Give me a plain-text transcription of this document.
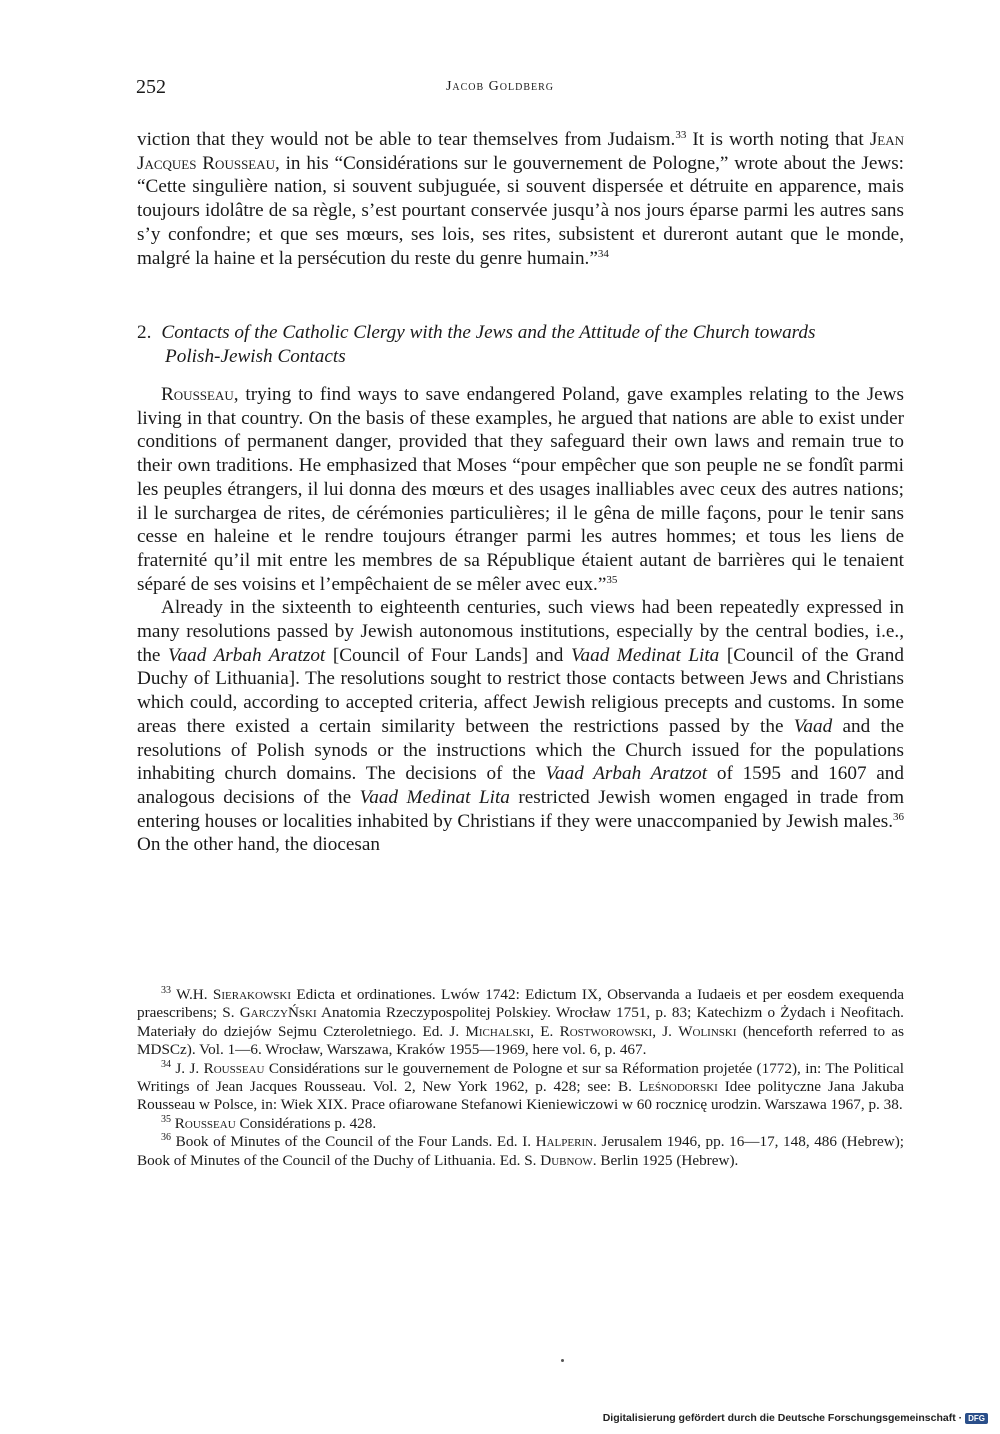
252	Jacob Goldberg

viction that they would not be able to tear themselves from Judaism.$^{33}$ It is worth noting that Jean Jacques Rousseau, in his “Considérations sur le gouvernement de Pologne,” wrote about the Jews: “Cette singulière nation, si souvent subjuguée, si souvent dispersée et détruite en apparence, mais toujours idolâtre de sa règle, s’est pourtant conservée jusqu’à nos jours éparse parmi les autres sans s’y confondre; et que ses mœurs, ses lois, ses rites, subsistent et dureront autant que le monde, malgré la haine et la persécution du reste du genre humain.”$^{34}$

2. Contacts of the Catholic Clergy with the Jews and the Attitude of the Church towards
Polish-Jewish Contacts

Rousseau, trying to find ways to save endangered Poland, gave examples relating to the Jews living in that country. On the basis of these examples, he argued that nations are able to exist under conditions of permanent danger, provided that they safeguard their own laws and remain true to their own traditions. He emphasized that Moses “pour empêcher que son peuple ne se fondît parmi les peuples étrangers, il lui donna des mœurs et des usages inalliables avec ceux des autres nations; il le surchargea de rites, de cérémonies particulières; il le gêna de mille façons, pour le tenir sans cesse en haleine et le rendre toujours étranger parmi les autres hommes; et tous les liens de fraternité qu’il mit entre les membres de sa République étaient autant de barrières qui le tenaient séparé de ses voisins et l’empêchaient de se mêler avec eux.”$^{35}$

Already in the sixteenth to eighteenth centuries, such views had been repeatedly expressed in many resolutions passed by Jewish autonomous institutions, especially by the central bodies, i.e., the Vaad Arbah Aratzot [Council of Four Lands] and Vaad Medinat Lita [Council of the Grand Duchy of Lithuania]. The resolutions sought to restrict those contacts between Jews and Christians which could, according to accepted criteria, affect Jewish religious precepts and customs. In some areas there existed a certain similarity between the restrictions passed by the Vaad and the resolutions of Polish synods or the instructions which the Church issued for the populations inhabiting church domains. The decisions of the Vaad Arbah Aratzot of 1595 and 1607 and analogous decisions of the Vaad Medinat Lita restricted Jewish women engaged in trade from entering houses or localities inhabited by Christians if they were unaccompanied by Jewish males.$^{36}$ On the other hand, the diocesan

$^{33}$ W.H. Sierakowski Edicta et ordinationes. Lwów 1742: Edictum IX, Observanda a Iudaeis et per eosdem exequenda praescribens; S. GarczyŃski Anatomia Rzeczypospolitej Polskiey. Wrocław 1751, p. 83; Katechizm o Żydach i Neofitach. Materiały do dziejów Sejmu Czteroletniego. Ed. J. Michalski, E. Rostworowski, J. Wolinski (henceforth referred to as MDSCz). Vol. 1—6. Wrocław, Warszawa, Kraków 1955—1969, here vol. 6, p. 467.

$^{34}$ J. J. Rousseau Considérations sur le gouvernement de Pologne et sur sa Réformation projetée (1772), in: The Political Writings of Jean Jacques Rousseau. Vol. 2, New York 1962, p. 428; see: B. Leśnodorski Idee polityczne Jana Jakuba Rousseau w Polsce, in: Wiek XIX. Prace ofiarowane Stefanowi Kieniewiczowi w 60 rocznicę urodzin. Warszawa 1967, p. 38.

$^{35}$ Rousseau Considérations p. 428.

$^{36}$ Book of Minutes of the Council of the Four Lands. Ed. I. Halperin. Jerusalem 1946, pp. 16—17, 148, 486 (Hebrew); Book of Minutes of the Council of the Duchy of Lithuania. Ed. S. Dubnow. Berlin 1925 (Hebrew).

Digitalisierung gefördert durch die Deutsche Forschungsgemeinschaft · DFG
